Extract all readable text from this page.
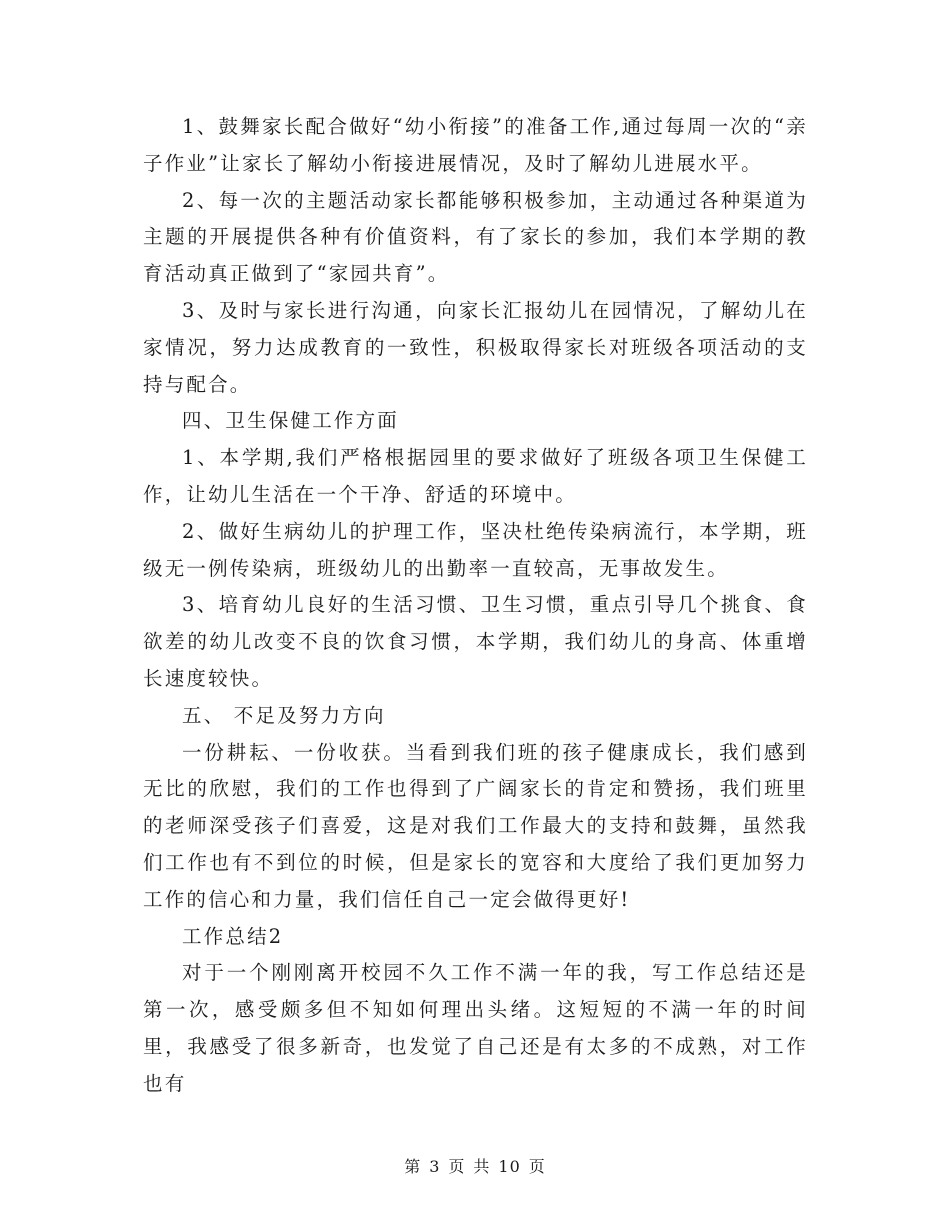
1、鼓舞家长配合做好“幼小衔接”的准备工作,通过每周一次的“亲子作业”让家长了解幼小衔接进展情况，及时了解幼儿进展水平。

2、每一次的主题活动家长都能够积极参加，主动通过各种渠道为主题的开展提供各种有价值资料，有了家长的参加，我们本学期的教育活动真正做到了“家园共育”。

3、及时与家长进行沟通，向家长汇报幼儿在园情况，了解幼儿在家情况，努力达成教育的一致性，积极取得家长对班级各项活动的支持与配合。

四、卫生保健工作方面

1、本学期,我们严格根据园里的要求做好了班级各项卫生保健工作，让幼儿生活在一个干净、舒适的环境中。

2、做好生病幼儿的护理工作，坚决杜绝传染病流行，本学期，班级无一例传染病，班级幼儿的出勤率一直较高，无事故发生。

3、培育幼儿良好的生活习惯、卫生习惯，重点引导几个挑食、食欲差的幼儿改变不良的饮食习惯，本学期，我们幼儿的身高、体重增长速度较快。

五、 不足及努力方向

一份耕耘、一份收获。当看到我们班的孩子健康成长，我们感到无比的欣慰，我们的工作也得到了广阔家长的肯定和赞扬，我们班里的老师深受孩子们喜爱，这是对我们工作最大的支持和鼓舞，虽然我们工作也有不到位的时候，但是家长的宽容和大度给了我们更加努力工作的信心和力量，我们信任自己一定会做得更好!

工作总结2

对于一个刚刚离开校园不久工作不满一年的我，写工作总结还是第一次，感受颇多但不知如何理出头绪。这短短的不满一年的时间里，我感受了很多新奇，也发觉了自己还是有太多的不成熟，对工作也有

第 3 页 共 10 页
